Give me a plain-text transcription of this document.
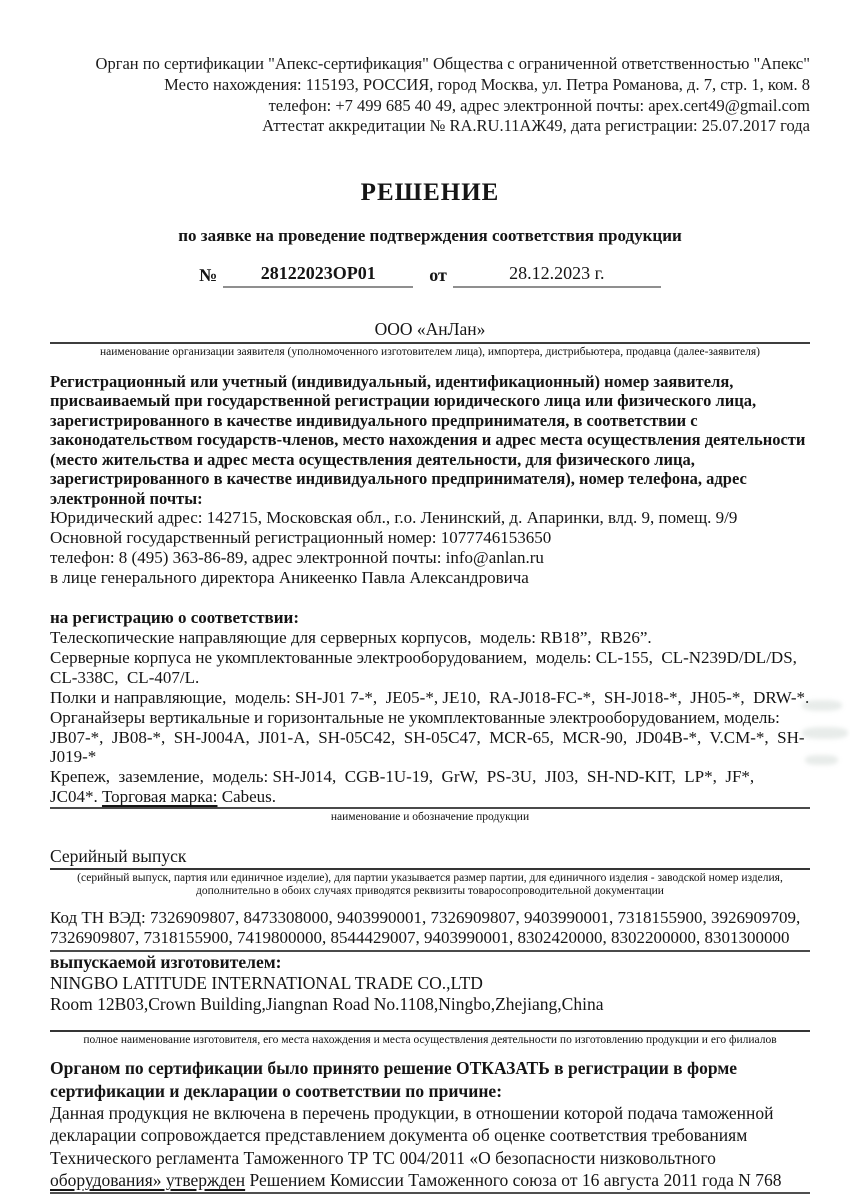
Орган по сертификации "Апекс-сертификация" Общества с ограниченной ответственностью "Апекс"
Место нахождения: 115193, РОССИЯ, город Москва, ул. Петра Романова, д. 7, стр. 1, ком. 8
телефон: +7 499 685 40 49, адрес электронной почты: apex.cert49@gmail.com
Аттестат аккредитации № RA.RU.11АЖ49, дата регистрации: 25.07.2017 года
РЕШЕНИЕ
по заявке на проведение подтверждения соответствия продукции
№	28122023ОР01	от	28.12.2023 г.
ООО «АнЛан»
наименование организации заявителя (уполномоченного изготовителем лица), импортера, дистрибьютера, продавца (далее-заявителя)
Регистрационный или учетный (индивидуальный, идентификационный) номер заявителя, присваиваемый при государственной регистрации юридического лица или физического лица, зарегистрированного в качестве индивидуального предпринимателя, в соответствии с законодательством государств-членов, место нахождения и адрес места осуществления деятельности (место жительства и адрес места осуществления деятельности, для физического лица, зарегистрированного в качестве индивидуального предпринимателя), номер телефона, адрес электронной почты:
Юридический адрес: 142715, Московская обл., г.о. Ленинский, д. Апаринки, влд. 9, помещ. 9/9
Основной государственный регистрационный номер: 1077746153650
телефон: 8 (495) 363-86-89, адрес электронной почты: info@anlan.ru
в лице генерального директора Аникеенко Павла Александровича
на регистрацию о соответствии:
Телескопические направляющие для серверных корпусов,  модель: RB18”,  RB26”.
Серверные корпуса не укомплектованные электрооборудованием,  модель: CL-155,  CL-N239D/DL/DS,  CL-338C,  CL-407/L.
Полки и направляющие,  модель: SH-J01 7-*,  JE05-*, JE10,  RA-J018-FC-*,  SH-J018-*,  JH05-*,  DRW-*. Органайзеры вертикальные и горизонтальные не укомплектованные электрооборудованием, модель: JB07-*,  JB08-*,  SH-J004A,  JI01-A,  SH-05C42,  SH-05C47,  MCR-65,  MCR-90,  JD04B-*,  V.CM-*,  SH-J019-*
Крепеж,  заземление,  модель: SH-J014,  CGB-1U-19,  GrW,  PS-3U,  JI03,  SH-ND-KIT,  LP*,  JF*,  JC04*. Торговая марка: Cabeus.
наименование и обозначение продукции
Серийный выпуск
(серийный выпуск, партия или единичное изделие), для партии указывается размер партии, для единичного изделия - заводской номер изделия, дополнительно в обоих случаях приводятся реквизиты товаросопроводительной документации
Код ТН ВЭД: 7326909807, 8473308000, 9403990001, 7326909807, 9403990001, 7318155900, 3926909709, 7326909807, 7318155900, 7419800000, 8544429007, 9403990001, 8302420000, 8302200000, 8301300000
выпускаемой изготовителем:
NINGBO LATITUDE INTERNATIONAL TRADE CO.,LTD
Room 12B03,Crown Building,Jiangnan Road No.1108,Ningbo,Zhejiang,China
полное наименование изготовителя, его места нахождения и места осуществления деятельности по изготовлению продукции и его филиалов
Органом по сертификации было принято решение ОТКАЗАТЬ в регистрации в форме сертификации и декларации о соответствии по причине:
Данная продукция не включена в перечень продукции, в отношении которой подача таможенной декларации сопровождается представлением документа об оценке соответствия требованиям Технического регламента Таможенного ТР ТС 004/2011 «О безопасности низковольтного оборудования» утвержден Решением Комиссии Таможенного союза от 16 августа 2011 года N 768
